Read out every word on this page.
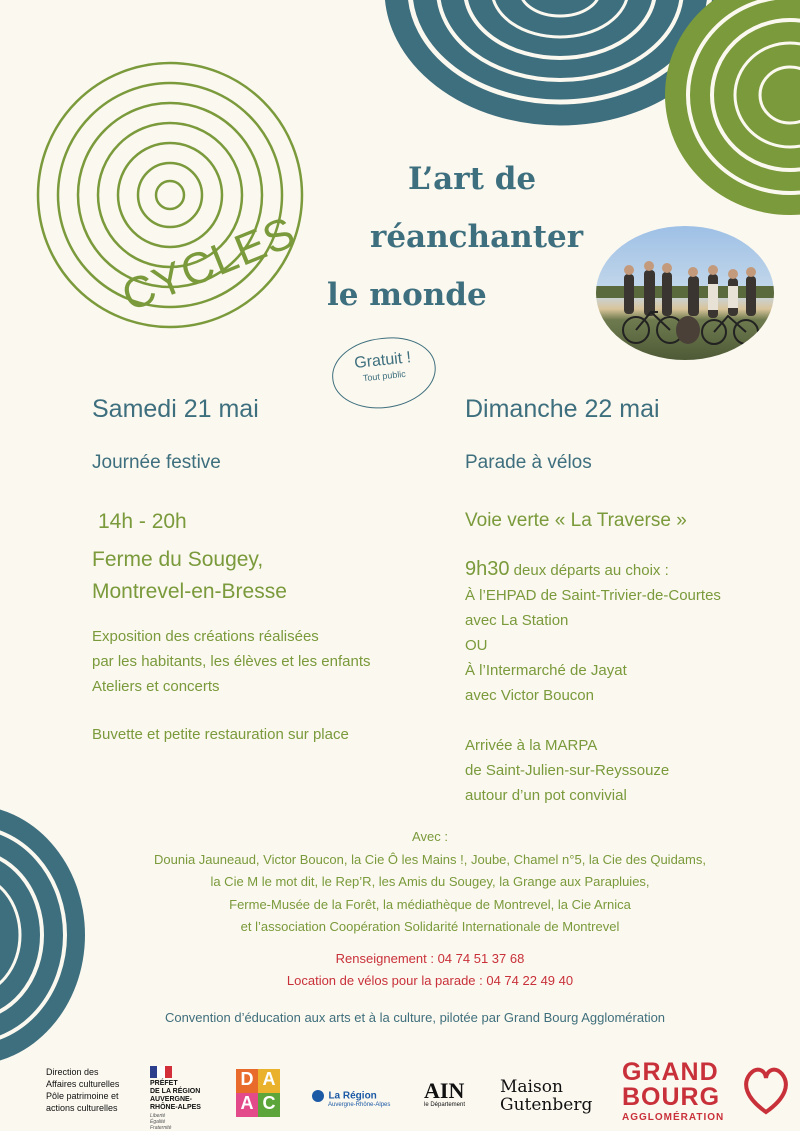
CYCLES
L’art de
réanchanter
le monde
Gratuit !
Tout public
Samedi 21 mai
Journée festive
14h - 20h
Ferme du Sougey,
Montrevel-en-Bresse
Exposition des créations réalisées
par les habitants, les élèves et les enfants
Ateliers et concerts
Buvette et petite restauration sur place
Dimanche 22 mai
Parade à vélos
Voie verte « La Traverse »
9h30 deux départs au choix :
À l’EHPAD de Saint-Trivier-de-Courtes
avec La Station
OU
À l’Intermarché de Jayat
avec Victor Boucon
Arrivée à la MARPA
de Saint-Julien-sur-Reyssouze
autour d’un pot convivial
Avec :
Dounia Jauneaud, Victor Boucon, la Cie Ô les Mains !, Joube, Chamel n°5, la Cie des Quidams,
la Cie M le mot dit, le Rep’R, les Amis du Sougey, la Grange aux Parapluies,
Ferme-Musée de la Forêt, la médiathèque de Montrevel, la Cie Arnica
et l’association Coopération Solidarité Internationale de Montrevel
Renseignement : 04 74 51 37 68
Location de vélos pour la parade : 04 74 22 49 40
Convention d’éducation aux arts et à la culture, pilotée par Grand Bourg Agglomération
Direction des
Affaires culturelles
Pôle patrimoine et
actions culturelles
PRÉFET
DE LA RÉGION
AUVERGNE-
RHÔNE-ALPES
Liberté
Égalité
Fraternité
D A
A C	La Région
Auvergne-Rhône-Alpes
AIN
le Département
Maison
Gutenberg
GRAND
BOURG
AGGLOMÉRATION
